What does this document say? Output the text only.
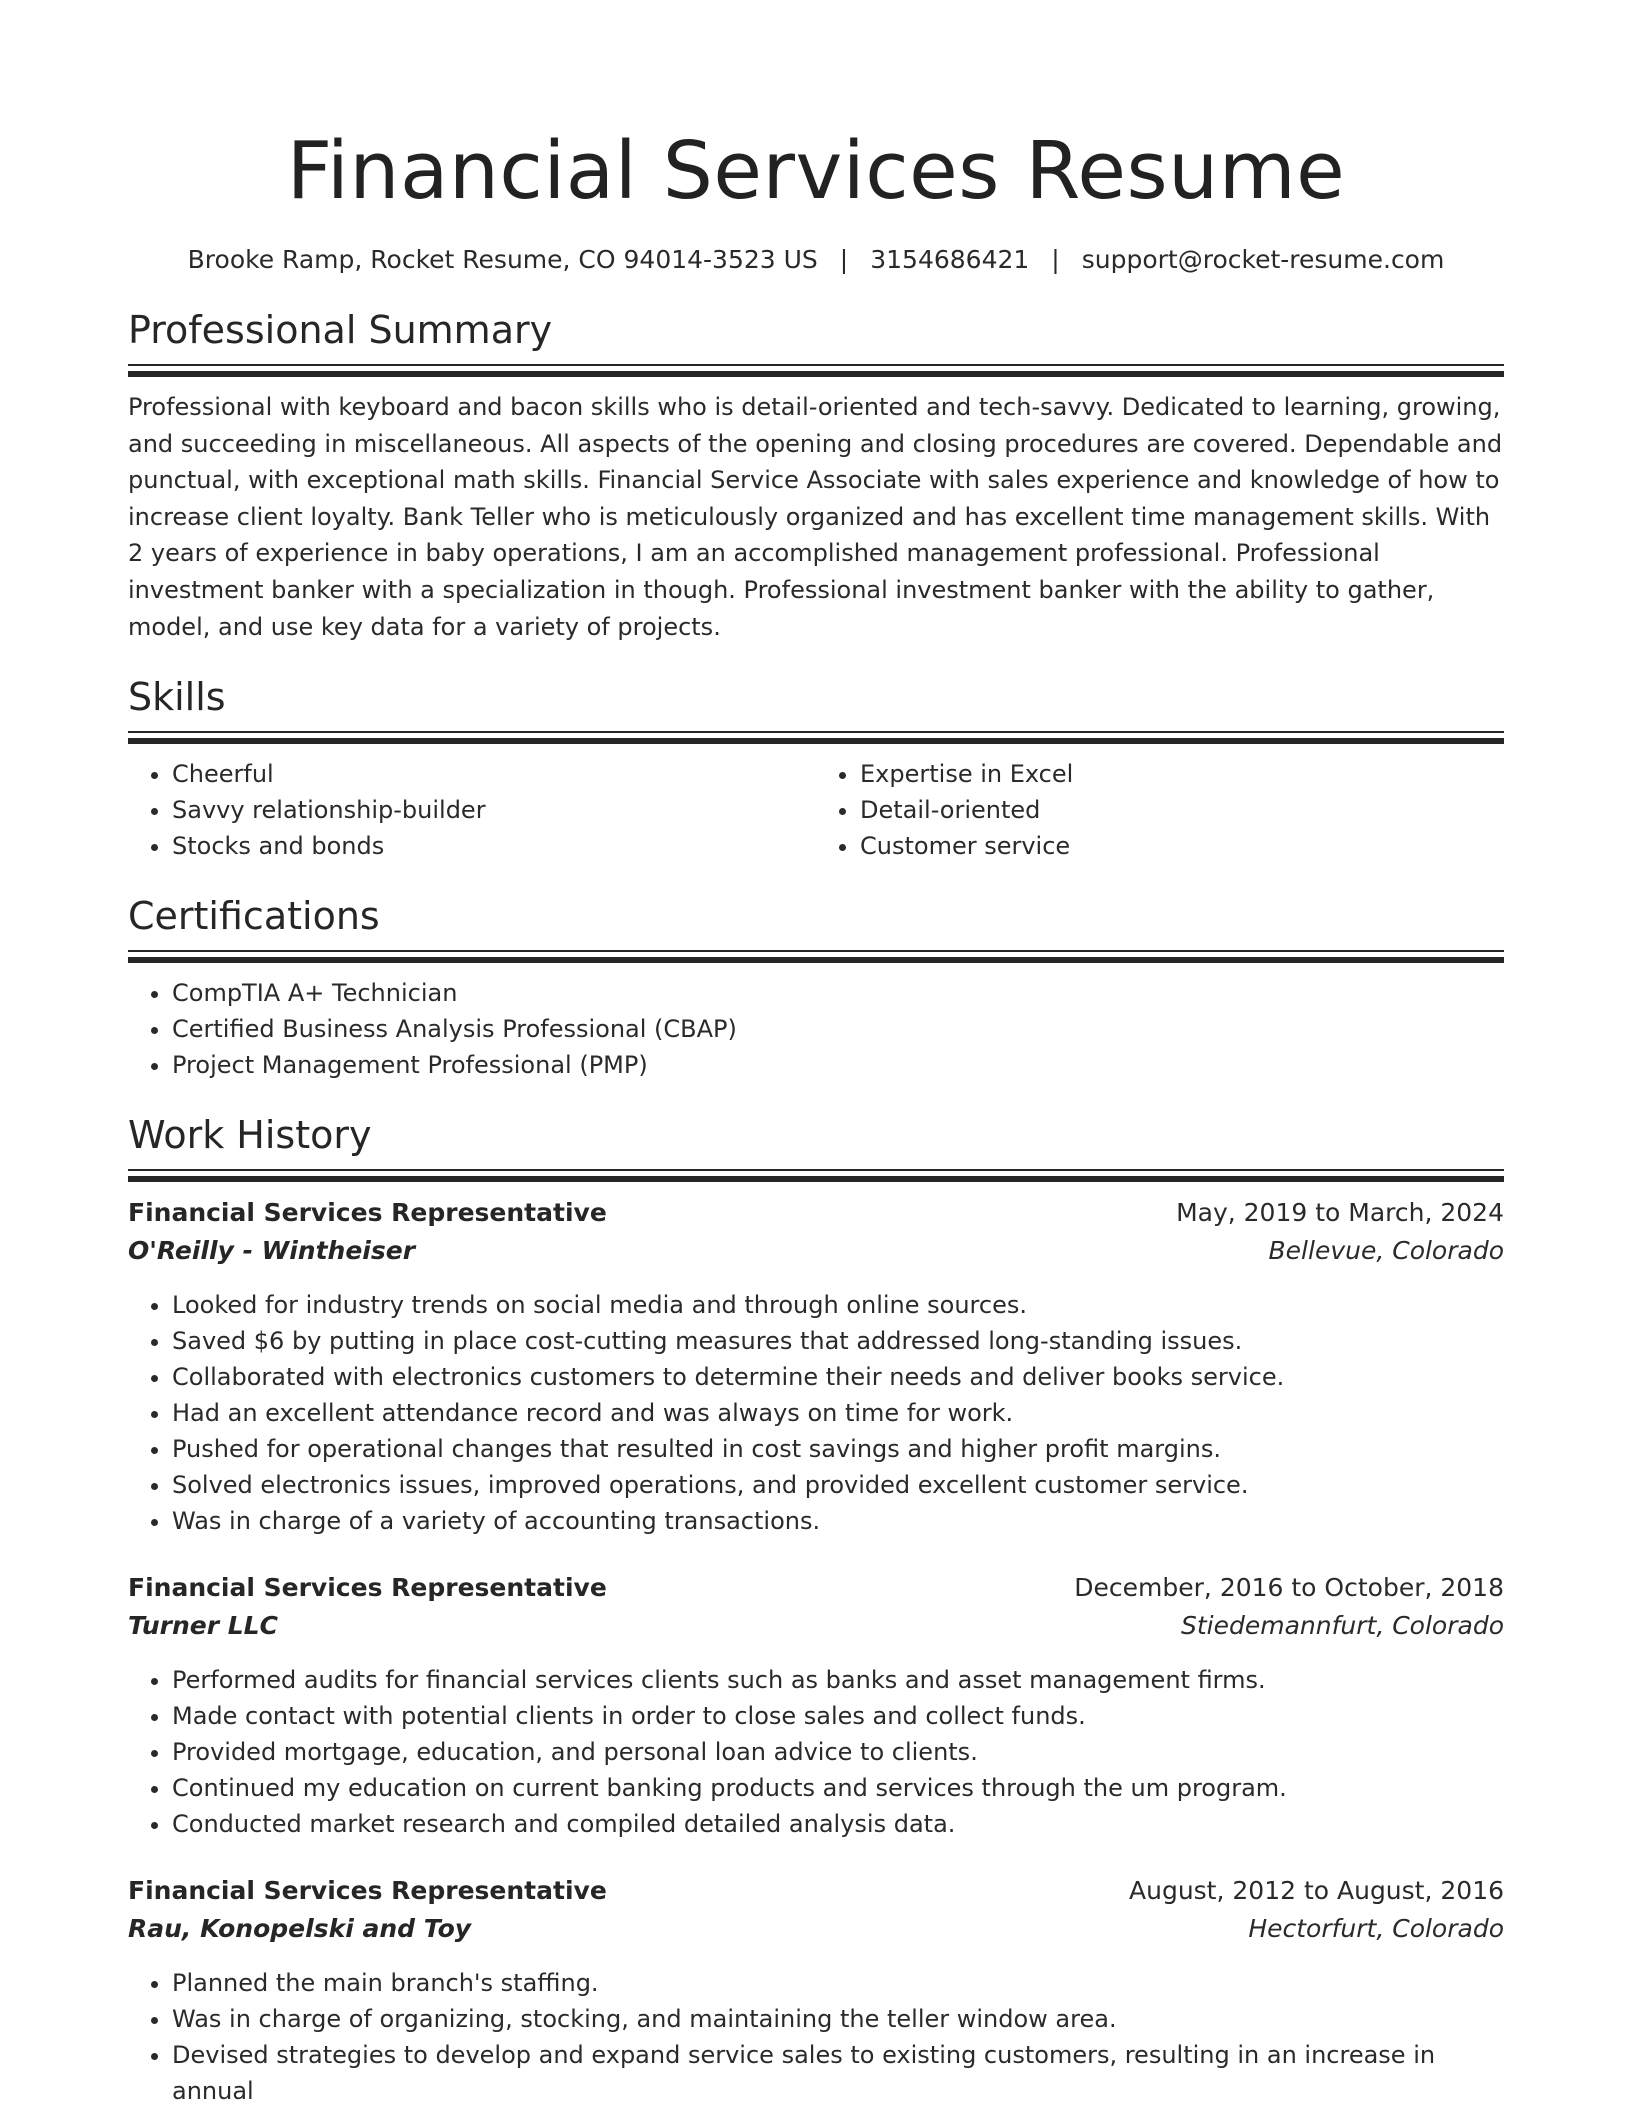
Financial Services Resume
Brooke Ramp, Rocket Resume, CO 94014-3523 US | 3154686421 | support@rocket-resume.com
Professional Summary

Professional with keyboard and bacon skills who is detail-oriented and tech-savvy. Dedicated to learning, growing, and succeeding in miscellaneous. All aspects of the opening and closing procedures are covered. Dependable and punctual, with exceptional math skills. Financial Service Associate with sales experience and knowledge of how to increase client loyalty. Bank Teller who is meticulously organized and has excellent time management skills. With 2 years of experience in baby operations, I am an accomplished management professional. Professional investment banker with a specialization in though. Professional investment banker with the ability to gather, model, and use key data for a variety of projects.

Skills
• Cheerful
• Savvy relationship-builder
• Stocks and bonds
• Expertise in Excel
• Detail-oriented
• Customer service
Certifications
• CompTIA A+ Technician
• Certified Business Analysis Professional (CBAP)
• Project Management Professional (PMP)
Work History
Financial Services Representative	May, 2019 to March, 2024
O'Reilly - Wintheiser	Bellevue, Colorado
• Looked for industry trends on social media and through online sources.
• Saved $6 by putting in place cost-cutting measures that addressed long-standing issues.
• Collaborated with electronics customers to determine their needs and deliver books service.
• Had an excellent attendance record and was always on time for work.
• Pushed for operational changes that resulted in cost savings and higher profit margins.
• Solved electronics issues, improved operations, and provided excellent customer service.
• Was in charge of a variety of accounting transactions.
Financial Services Representative	December, 2016 to October, 2018
Turner LLC	Stiedemannfurt, Colorado
• Performed audits for financial services clients such as banks and asset management firms.
• Made contact with potential clients in order to close sales and collect funds.
• Provided mortgage, education, and personal loan advice to clients.
• Continued my education on current banking products and services through the um program.
• Conducted market research and compiled detailed analysis data.
Financial Services Representative	August, 2012 to August, 2016
Rau, Konopelski and Toy	Hectorfurt, Colorado
• Planned the main branch's staffing.
• Was in charge of organizing, stocking, and maintaining the teller window area.
• Devised strategies to develop and expand service sales to existing customers, resulting in an increase in annual
